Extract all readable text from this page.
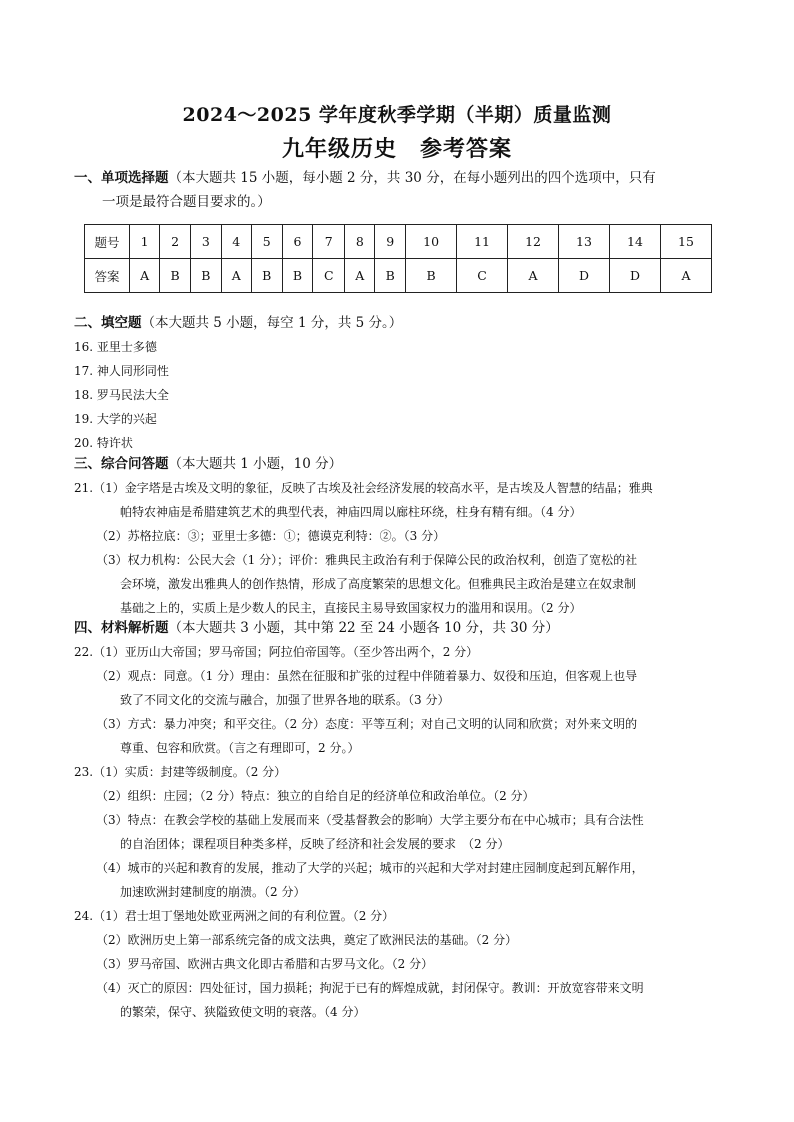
2024～2025 学年度秋季学期（半期）质量监测
九年级历史　参考答案
一、单项选择题（本大题共 15 小题，每小题 2 分，共 30 分，在每小题列出的四个选项中，只有
一项是最符合题目要求的。）
题号	1	2	3	4	5	6	7	8	9	10	11	12	13	14	15
答案	A	B	B	A	B	B	C	A	B	B	C	A	D	D	A
二、填空题（本大题共 5 小题，每空 1 分，共 5 分。）
16. 亚里士多德
17. 神人同形同性
18. 罗马民法大全
19. 大学的兴起
20. 特许状
三、综合问答题（本大题共 1 小题，10 分）
21.（1）金字塔是古埃及文明的象征，反映了古埃及社会经济发展的较高水平，是古埃及人智慧的结晶；雅典
帕特农神庙是希腊建筑艺术的典型代表，神庙四周以廊柱环绕，柱身有精有细。（4 分）
（2）苏格拉底：③；亚里士多德：①；德谟克利特：②。（3 分）
（3）权力机构：公民大会（1 分）；评价：雅典民主政治有利于保障公民的政治权利，创造了宽松的社
会环境，激发出雅典人的创作热情，形成了高度繁荣的思想文化。但雅典民主政治是建立在奴隶制
基础之上的，实质上是少数人的民主，直接民主易导致国家权力的滥用和误用。（2 分）
四、材料解析题（本大题共 3 小题，其中第 22 至 24 小题各 10 分，共 30 分）
22.（1）亚历山大帝国；罗马帝国；阿拉伯帝国等。（至少答出两个，2 分）
（2）观点：同意。（1 分）理由：虽然在征服和扩张的过程中伴随着暴力、奴役和压迫，但客观上也导
致了不同文化的交流与融合，加强了世界各地的联系。（3 分）
（3）方式：暴力冲突；和平交往。（2 分）态度：平等互利；对自己文明的认同和欣赏；对外来文明的
尊重、包容和欣赏。（言之有理即可，2 分。）
23.（1）实质：封建等级制度。（2 分）
（2）组织：庄园；（2 分）特点：独立的自给自足的经济单位和政治单位。（2 分）
（3）特点：在教会学校的基础上发展而来（受基督教会的影响）大学主要分布在中心城市；具有合法性
的自治团体；课程项目种类多样，反映了经济和社会发展的要求　（2 分）
（4）城市的兴起和教育的发展，推动了大学的兴起；城市的兴起和大学对封建庄园制度起到瓦解作用，
加速欧洲封建制度的崩溃。（2 分）
24.（1）君士坦丁堡地处欧亚两洲之间的有利位置。（2 分）
（2）欧洲历史上第一部系统完备的成文法典，奠定了欧洲民法的基础。（2 分）
（3）罗马帝国、欧洲古典文化即古希腊和古罗马文化。（2 分）
（4）灭亡的原因：四处征讨，国力损耗；拘泥于已有的辉煌成就，封闭保守。教训：开放宽容带来文明
的繁荣，保守、狭隘致使文明的衰落。（4 分）
